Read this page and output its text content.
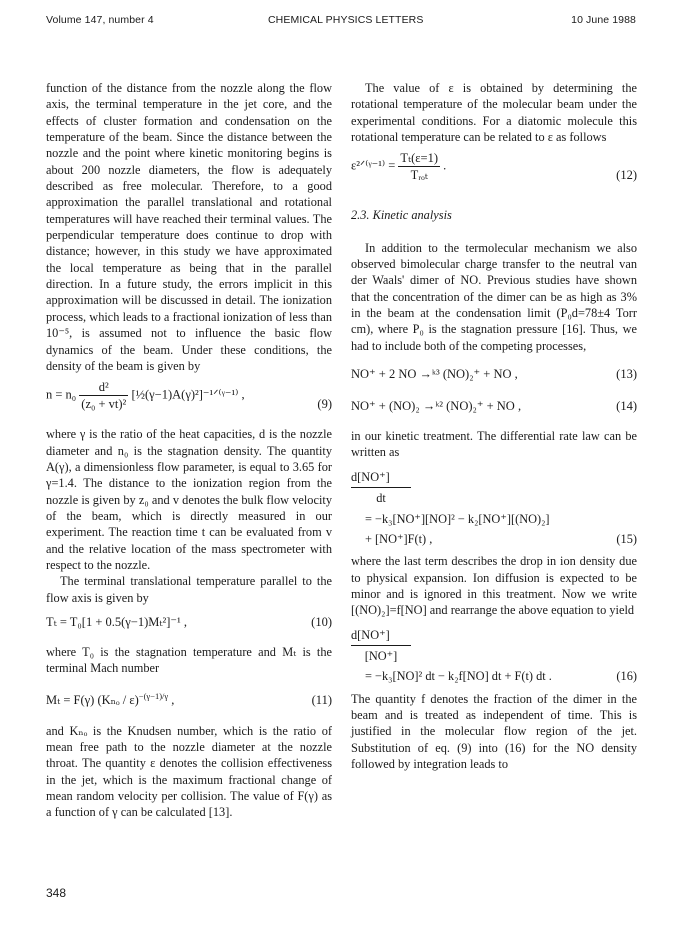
Volume 147, number 4	CHEMICAL PHYSICS LETTERS	10 June 1988

function of the distance from the nozzle along the flow axis, the terminal temperature in the jet core, and the effects of cluster formation and condensation on the temperature of the beam. Since the distance between the nozzle and the point where kinetic monitoring begins is about 200 nozzle diameters, the flow is adequately described as free molecular. Therefore, to a good approximation the parallel translational and rotational temperatures will have reached their terminal values. The perpendicular temperature does continue to drop with distance; however, in this study we have approximated the local temperature as being that in the parallel direction. In a future study, the errors implicit in this approximation will be discussed in detail. The ionization process, which leads to a fractional ionization of less than 10⁻⁵, is assumed not to influence the basic flow dynamics of the beam. Under these conditions, the density of the beam is given by

$n = n_0 \frac{\text{d²}}{\text{(z₀ + vt)²}}$ [½(γ−1)A(γ)²]⁻¹ᐟ⁽ᵞ⁻¹⁾ ,
(9)

where γ is the ratio of the heat capacities, d is the nozzle diameter and n₀ is the stagnation density. The quantity A(γ), a dimensionless flow parameter, is equal to 3.65 for γ=1.4. The distance to the ionization region from the nozzle is given by z₀ and v denotes the bulk flow velocity of the beam, which is directly measured in our experiment. The reaction time t can be evaluated from v and the relative location of the mass spectrometer with respect to the nozzle.

The terminal translational temperature parallel to the flow axis is given by

Tₜ = T₀[1 + 0.5(γ−1)Mₜ²]⁻¹ ,	(10)

where T₀ is the stagnation temperature and Mₜ is the terminal Mach number

Mₜ = F(γ) (Kₙₒ / ε)$^{-(\gamma-1)/\gamma}$ ,	(11)

and Kₙₒ is the Knudsen number, which is the ratio of mean free path to the nozzle diameter at the nozzle throat. The quantity ε denotes the collision effectiveness in the jet, which is the maximum fractional change of mean random velocity per collision. The value of F(γ) as a function of γ can be calculated [13].

The value of ε is obtained by determining the rotational temperature of the molecular beam under the experimental conditions. For a diatomic molecule this rotational temperature can be related to ε as follows

ε²ᐟ⁽ᵞ⁻¹⁾ = $\frac{\text{Tₜ(ε=1)}}{\text{Tᵣₒₜ}}$ .
(12)
2.3. Kinetic analysis

In addition to the termolecular mechanism we also observed bimolecular charge transfer to the neutral van der Waals' dimer of NO. Previous studies have shown that the concentration of the dimer can be as high as 3% in the beam at the condensation limit (P₀d=78±4 Torr cm), where P₀ is the stagnation pressure [16]. Thus, we had to include both of the competing processes,

NO⁺ + 2 NO →ᵏ³ (NO)₂⁺ + NO ,	(13)
NO⁺ + (NO)₂ →ᵏ² (NO)₂⁺ + NO ,	(14)

in our kinetic treatment. The differential rate law can be written as

d[NO⁺]
dt
= −k₃[NO⁺][NO]² − k₂[NO⁺][(NO)₂]
+ [NO⁺]F(t) ,	(15)

where the last term describes the drop in ion density due to physical expansion. Ion diffusion is expected to be minor and is ignored in this treatment. Now we write [(NO)₂]=f[NO] and rearrange the above equation to yield

d[NO⁺]
[NO⁺]
= −k₃[NO]² dt − k₂f[NO] dt + F(t) dt .	(16)

The quantity f denotes the fraction of the dimer in the beam and is treated as independent of time. This is justified in the molecular flow region of the jet. Substitution of eq. (9) into (16) for the NO density followed by integration leads to

348
